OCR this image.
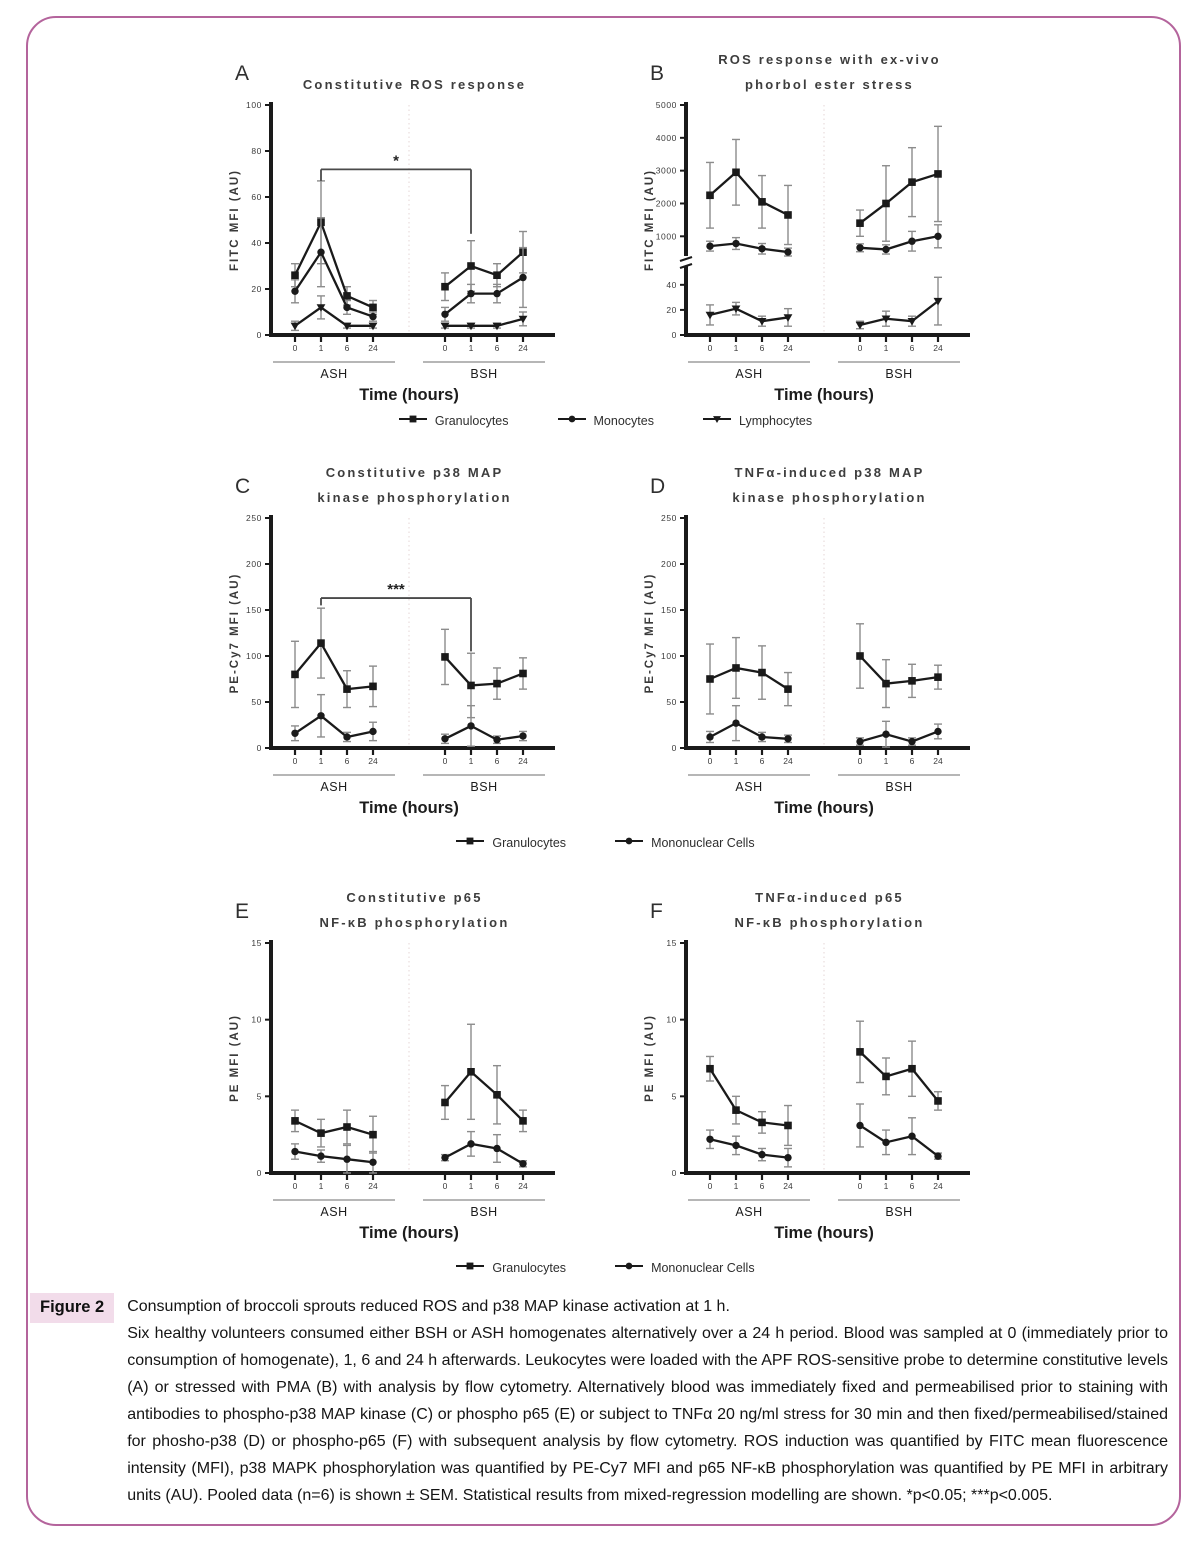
A	Constitutive ROS response
0
20
40
60
80
100
FITC MFI (AU)
*
0	1	6 24
ASH
0	1	6 24
BSH
Time (hours)
B
ROS response with ex-vivo
phorbol ester stress
0
20
40
1000
2000
3000
4000
5000
FITC MFI (AU)
0	1	6 24
ASH
0	1	6 24
BSH
Time (hours)
Granulocytes	Monocytes	Lymphocytes
C
Constitutive p38 MAP
kinase phosphorylation
0
50
100
150
200
250
PE-Cy7 MFI (AU)	***
0	1	6 24
ASH
0	1	6 24
BSH
Time (hours)
D
TNFα-induced p38 MAP
kinase phosphorylation
0
50
100
150
200
250
PE-Cy7 MFI (AU)
0	1	6 24
ASH
0	1	6 24
BSH
Time (hours)
Granulocytes	Mononuclear Cells
E
Constitutive p65
NF-κB phosphorylation
0
5
10
15
PE MFI (AU)
0	1	6 24
ASH
0	1	6 24
BSH
Time (hours)
F
TNFα-induced p65
NF-κB phosphorylation
0
5
10
15
PE MFI (AU)
0	1	6 24
ASH
0	1	6 24
BSH
Time (hours)
Granulocytes	Mononuclear Cells
Figure 2	Consumption of broccoli sprouts reduced ROS and p38 MAP kinase activation at 1 h.
Six healthy volunteers consumed either BSH or ASH homogenates alternatively over a 24 h period. Blood was sampled at 0 (immediately prior to consumption of homogenate), 1, 6 and 24 h afterwards. Leukocytes were loaded with the APF ROS-sensitive probe to determine constitutive levels (A) or stressed with PMA (B) with analysis by flow cytometry. Alternatively blood was immediately fixed and permeabilised prior to staining with antibodies to phospho-p38 MAP kinase (C) or phospho p65 (E) or subject to TNFα 20 ng/ml stress for 30 min and then fixed/permeabilised/stained for phosho-p38 (D) or phospho-p65 (F) with subsequent analysis by flow cytometry. ROS induction was quantified by FITC mean fluorescence intensity (MFI), p38 MAPK phosphorylation was quantified by PE-Cy7 MFI and p65 NF-κB phosphorylation was quantified by PE MFI in arbitrary units (AU). Pooled data (n=6) is shown ± SEM. Statistical results from mixed-regression modelling are shown. *p<0.05; ***p<0.005.
